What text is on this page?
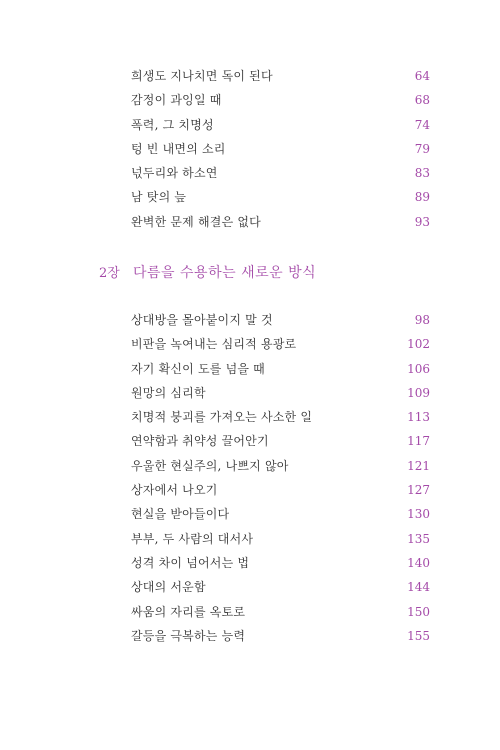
희생도 지나치면 독이 된다	64
감정이 과잉일 때	68
폭력, 그 치명성	74
텅 빈 내면의 소리	79
넋두리와 하소연	83
남 탓의 늪	89
완벽한 문제 해결은 없다	93
2장 다름을 수용하는 새로운 방식
상대방을 몰아붙이지 말 것	98
비판을 녹여내는 심리적 용광로	102
자기 확신이 도를 넘을 때	106
원망의 심리학	109
치명적 붕괴를 가져오는 사소한 일	113
연약함과 취약성 끌어안기	117
우울한 현실주의, 나쁘지 않아	121
상자에서 나오기	127
현실을 받아들이다	130
부부, 두 사람의 대서사	135
성격 차이 넘어서는 법	140
상대의 서운함	144
싸움의 자리를 옥토로	150
갈등을 극복하는 능력	155
